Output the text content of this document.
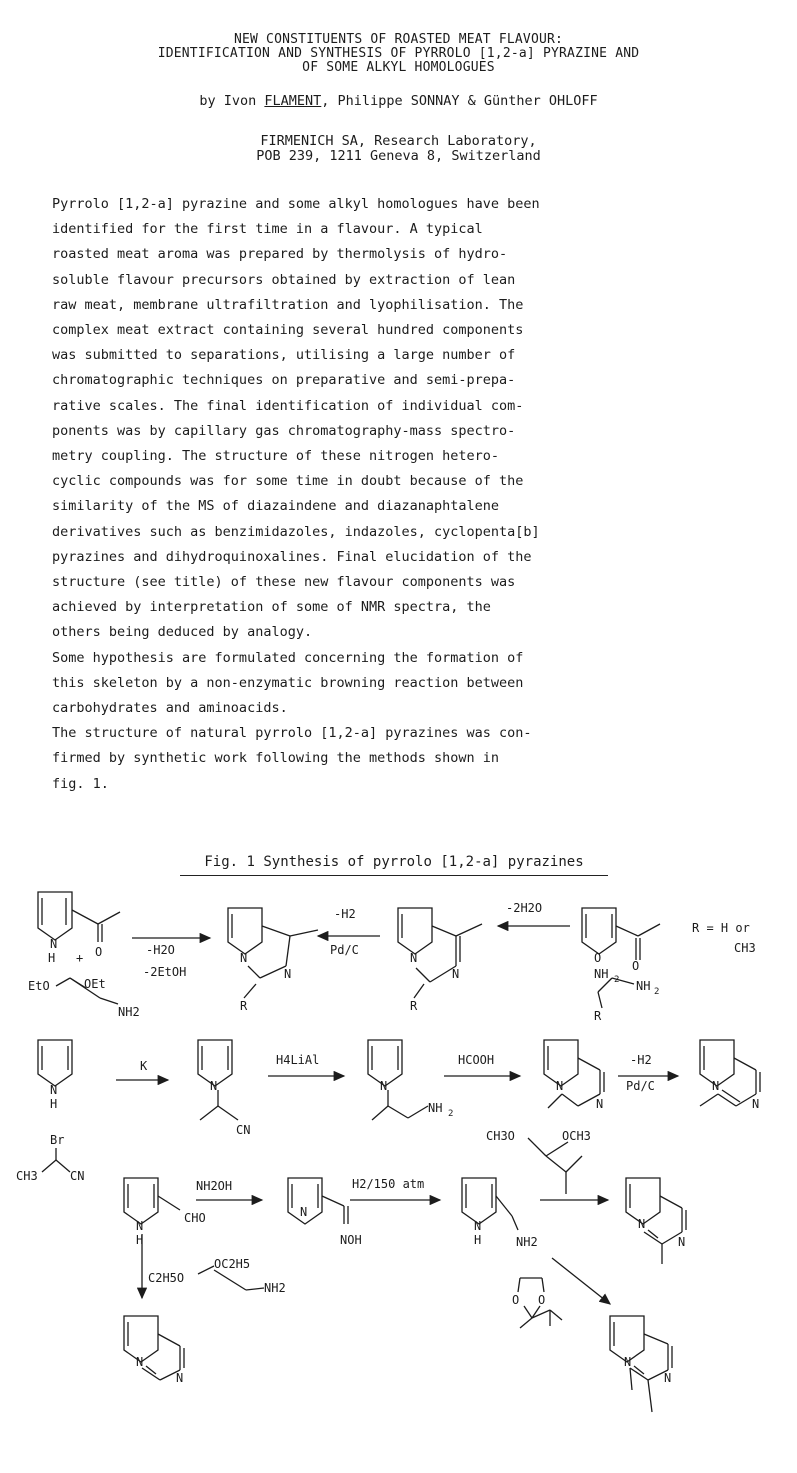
NEW CONSTITUENTS OF ROASTED MEAT FLAVOUR:
IDENTIFICATION AND SYNTHESIS OF PYRROLO [1,2-a] PYRAZINE AND
OF SOME ALKYL HOMOLOGUES
by Ivon FLAMENT, Philippe SONNAY & Günther OHLOFF
FIRMENICH SA, Research Laboratory,
POB 239, 1211 Geneva 8, Switzerland

Pyrrolo [1,2-a] pyrazine and some alkyl homologues have been

identified for the first time in a flavour. A typical

roasted meat aroma was prepared by thermolysis of hydro-

soluble flavour precursors obtained by extraction of lean

raw meat, membrane ultrafiltration and lyophilisation. The

complex meat extract containing several hundred components

was submitted to separations, utilising a large number of

chromatographic techniques on preparative and semi-prepa-

rative scales. The final identification of individual com-

ponents was by capillary gas chromatography-mass spectro-

metry coupling. The structure of these nitrogen hetero-

cyclic compounds was for some time in doubt because of the

similarity of the MS of diazaindene and diazanaphtalene

derivatives such as benzimidazoles, indazoles, cyclopenta[b]

pyrazines and dihydroquinoxalines. Final elucidation of the

structure (see title) of these new flavour components was

achieved by interpretation of some of NMR spectra, the

others being deduced by analogy.

Some hypothesis are formulated concerning the formation of

this skeleton by a non-enzymatic browning reaction between

carbohydrates and aminoacids.

The structure of natural pyrrolo [1,2-a] pyrazines was con-

firmed by synthetic work following the methods shown in

fig. 1.

Fig. 1 Synthesis of pyrrolo [1,2-a] pyrazines
N
H + O
EtO	OEt
NH2
-H2O
-2EtOH
N
N
R
-H2
Pd/C
N
N
R
-2H2O
O
O
NH 2 NH 2
R
R = H or
CH3
N
H
Br
CH3	CN
K
N
CN
H4LiAl
N
NH 2
HCOOH
N
N
-H2
Pd/C	N
N
N
H
CHO
NH2OH
N
NOH
H2/150 atm
N
H	NH2
CH3O	OCH3
N
N
C2H5O
OC2H5
NH2
N
N
O O
N
N
